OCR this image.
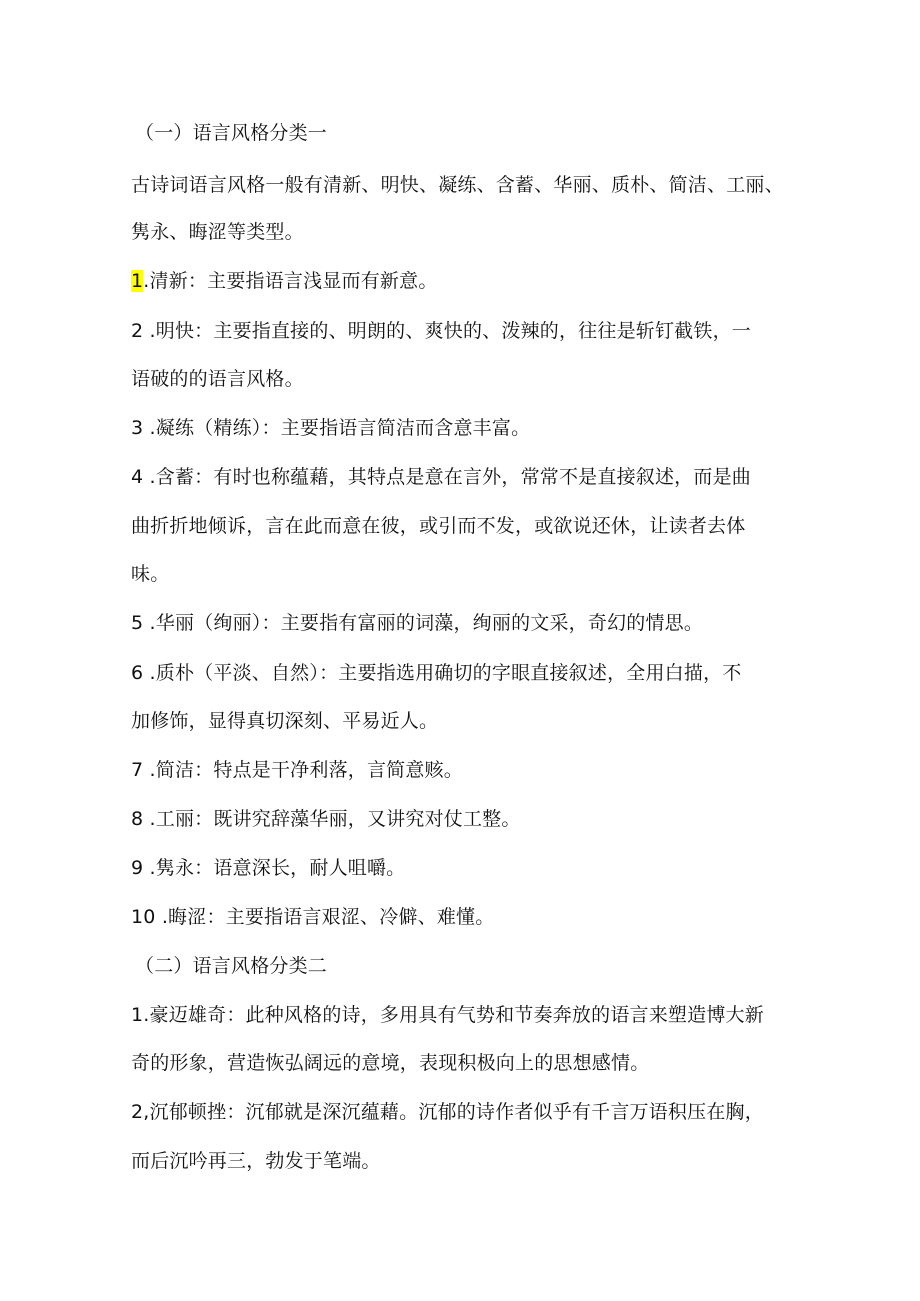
（一）语言风格分类一
古诗词语言风格一般有清新、明快、凝练、含蓄、华丽、质朴、简洁、工丽、
隽永、晦涩等类型。
1.清新：主要指语言浅显而有新意。
2 .明快：主要指直接的、明朗的、爽快的、泼辣的，往往是斩钉截铁，一
语破的的语言风格。
3 .凝练（精练）：主要指语言简洁而含意丰富。
4 .含蓄：有时也称蕴藉，其特点是意在言外，常常不是直接叙述，而是曲
曲折折地倾诉，言在此而意在彼，或引而不发，或欲说还休，让读者去体
味。
5 .华丽（绚丽）：主要指有富丽的词藻，绚丽的文采，奇幻的情思。
6 .质朴（平淡、自然）：主要指选用确切的字眼直接叙述，全用白描，不
加修饰，显得真切深刻、平易近人。
7 .简洁：特点是干净利落，言简意赅。
8 .工丽：既讲究辞藻华丽，又讲究对仗工整。
9 .隽永：语意深长，耐人咀嚼。
10 .晦涩：主要指语言艰涩、冷僻、难懂。
（二）语言风格分类二
1.豪迈雄奇：此种风格的诗，多用具有气势和节奏奔放的语言来塑造博大新
奇的形象，营造恢弘阔远的意境，表现积极向上的思想感情。
2,沉郁顿挫：沉郁就是深沉蕴藉。沉郁的诗作者似乎有千言万语积压在胸，
而后沉吟再三，勃发于笔端。
